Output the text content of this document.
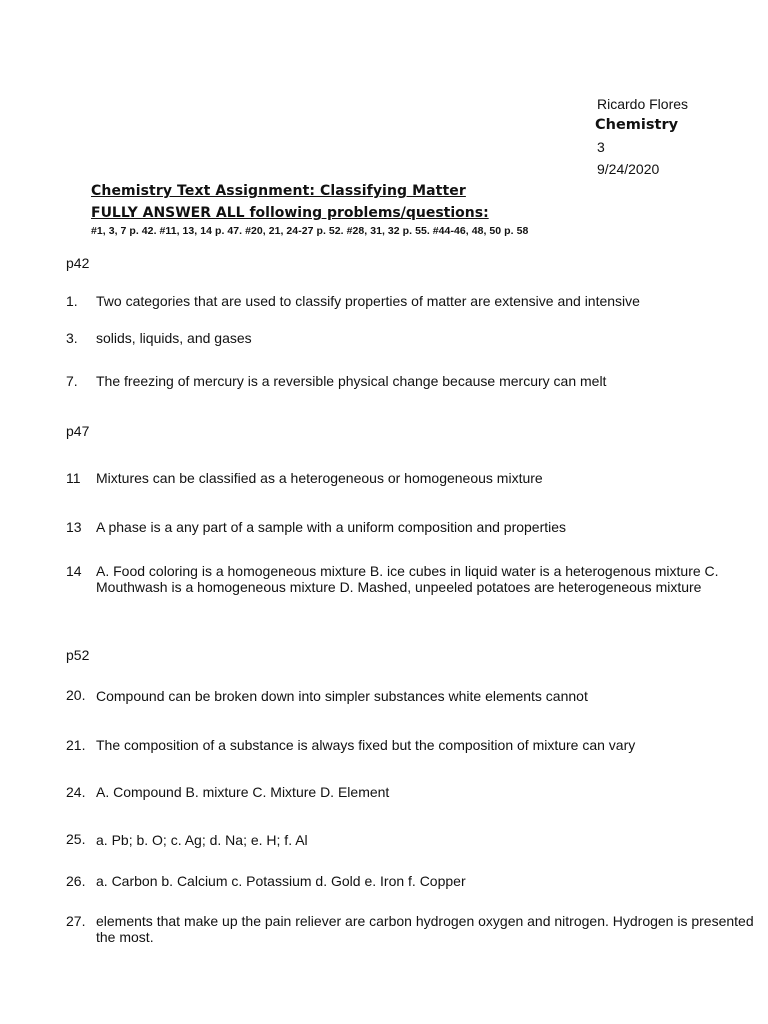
Ricardo Flores
Chemistry
3
9/24/2020
Chemistry Text Assignment: Classifying Matter
FULLY ANSWER ALL following problems/questions:
#1, 3, 7 p. 42. #11, 13, 14 p. 47. #20, 21, 24-27 p. 52. #28, 31, 32 p. 55. #44-46, 48, 50 p. 58
p42
1. Two categories that are used to classify properties of matter are extensive and intensive
3. solids, liquids, and gases
7. The freezing of mercury is a reversible physical change because mercury can melt
p47
11 Mixtures can be classified as a heterogeneous or homogeneous mixture
13 A phase is a any part of a sample with a uniform composition and properties
14 A. Food coloring is a homogeneous mixture B. ice cubes in liquid water is a heterogenous mixture C. Mouthwash is a homogeneous mixture D. Mashed, unpeeled potatoes are heterogeneous mixture
p52
20. Compound can be broken down into simpler substances white elements cannot
21. The composition of a substance is always fixed but the composition of mixture can vary
24. A. Compound B. mixture C. Mixture D. Element
25. a. Pb; b. O; c. Ag; d. Na; e. H; f. Al
26. a. Carbon b. Calcium c. Potassium d. Gold e. Iron f. Copper
27. elements that make up the pain reliever are carbon hydrogen oxygen and nitrogen. Hydrogen is presented the most.
